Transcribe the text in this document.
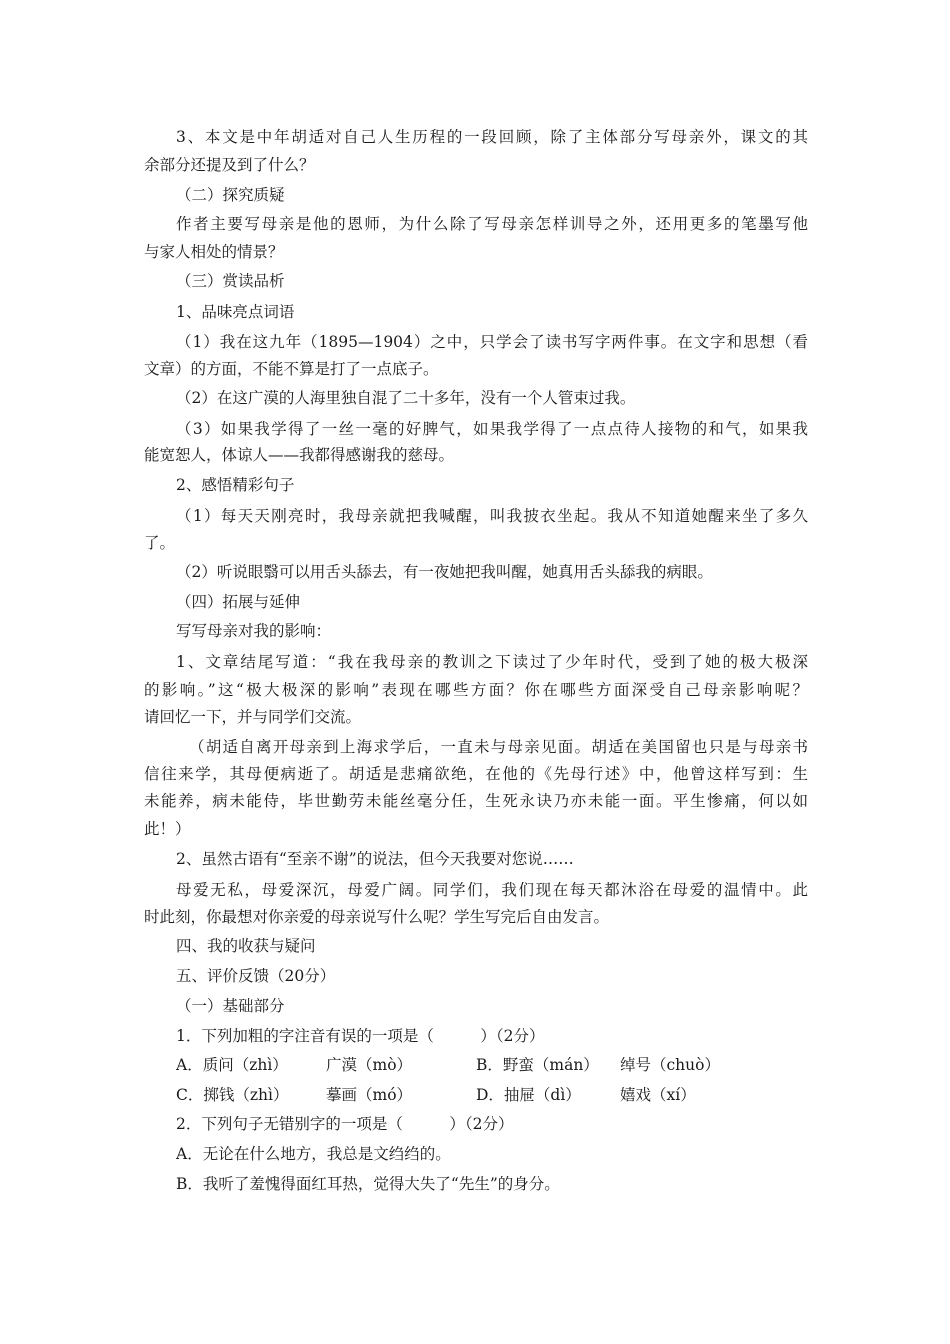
3、本文是中年胡适对自己人生历程的一段回顾，除了主体部分写母亲外，课文的其
余部分还提及到了什么？
（二）探究质疑
作者主要写母亲是他的恩师，为什么除了写母亲怎样训导之外，还用更多的笔墨写他
与家人相处的情景？
（三）赏读品析
1、品味亮点词语
（1）我在这九年（1895—1904）之中，只学会了读书写字两件事。在文字和思想（看
文章）的方面，不能不算是打了一点底子。
（2）在这广漠的人海里独自混了二十多年，没有一个人管束过我。
（3）如果我学得了一丝一毫的好脾气，如果我学得了一点点待人接物的和气，如果我
能宽恕人，体谅人——我都得感谢我的慈母。
2、感悟精彩句子
（1）每天天刚亮时，我母亲就把我喊醒，叫我披衣坐起。我从不知道她醒来坐了多久
了。
（2）听说眼翳可以用舌头舔去，有一夜她把我叫醒，她真用舌头舔我的病眼。
（四）拓展与延伸
写写母亲对我的影响：
1、文章结尾写道：“我在我母亲的教训之下读过了少年时代，受到了她的极大极深
的影响。”这“极大极深的影响”表现在哪些方面？你在哪些方面深受自己母亲影响呢？
请回忆一下，并与同学们交流。
（胡适自离开母亲到上海求学后，一直未与母亲见面。胡适在美国留也只是与母亲书
信往来学，其母便病逝了。胡适是悲痛欲绝，在他的《先母行述》中，他曾这样写到：生
未能养，病未能侍，毕世勤劳未能丝毫分任，生死永诀乃亦未能一面。平生惨痛，何以如
此！）
2、虽然古语有“至亲不谢”的说法，但今天我要对您说……
母爱无私，母爱深沉，母爱广阔。同学们，我们现在每天都沐浴在母爱的温情中。此
时此刻，你最想对你亲爱的母亲说写什么呢？学生写完后自由发言。
四、我的收获与疑问
五、评价反馈（20分）
（一）基础部分
1．下列加粗的字注音有误的一项是（　　　）（2分）
A．质问（zhì） 广漠（mò）	B．野蛮（mán） 绰号（chuò）
C．掷钱（zhì） 摹画（mó）	D．抽屉（dì）	嬉戏（xí）
2．下列句子无错别字的一项是（　　　）（2分）
A．无论在什么地方，我总是文绉绉的。
B．我听了羞愧得面红耳热，觉得大失了“先生”的身分。
